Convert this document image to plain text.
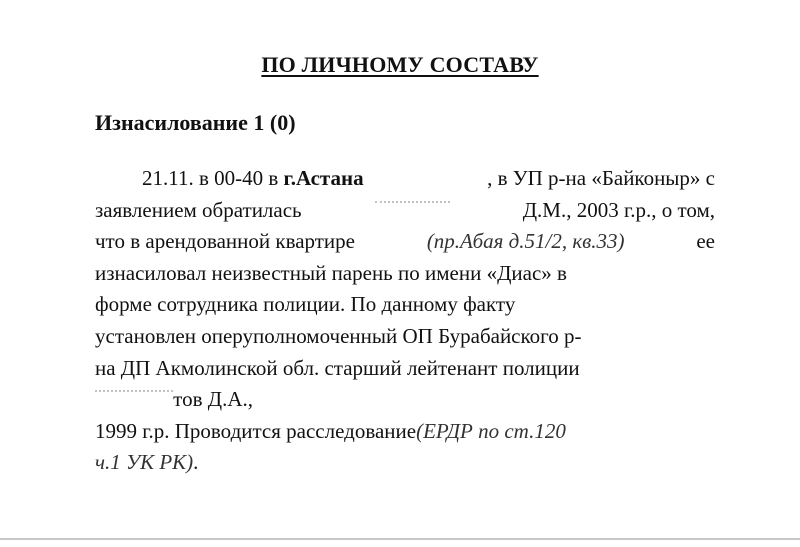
ПО ЛИЧНОМУ СОСТАВУ
Изнасилование 1 (0)
21.11. в 00-40 в г.Астана	, в УП р-на «Байконыр» с
заявлением обратилась	Д.М., 2003 г.р., о том,
что в арендованной квартире	(пр.Абая д.51/2, кв.33)	ее
изнасиловал неизвестный парень по имени «Диас» в
форме сотрудника полиции. По данному факту
установлен оперуполномоченный ОП Бурабайского р-
на ДП Акмолинской обл. старший лейтенант полиции
тов Д.А.,
1999 г.р. Проводится расследование (ЕРДР по ст.120
ч.1 УК РК) .
